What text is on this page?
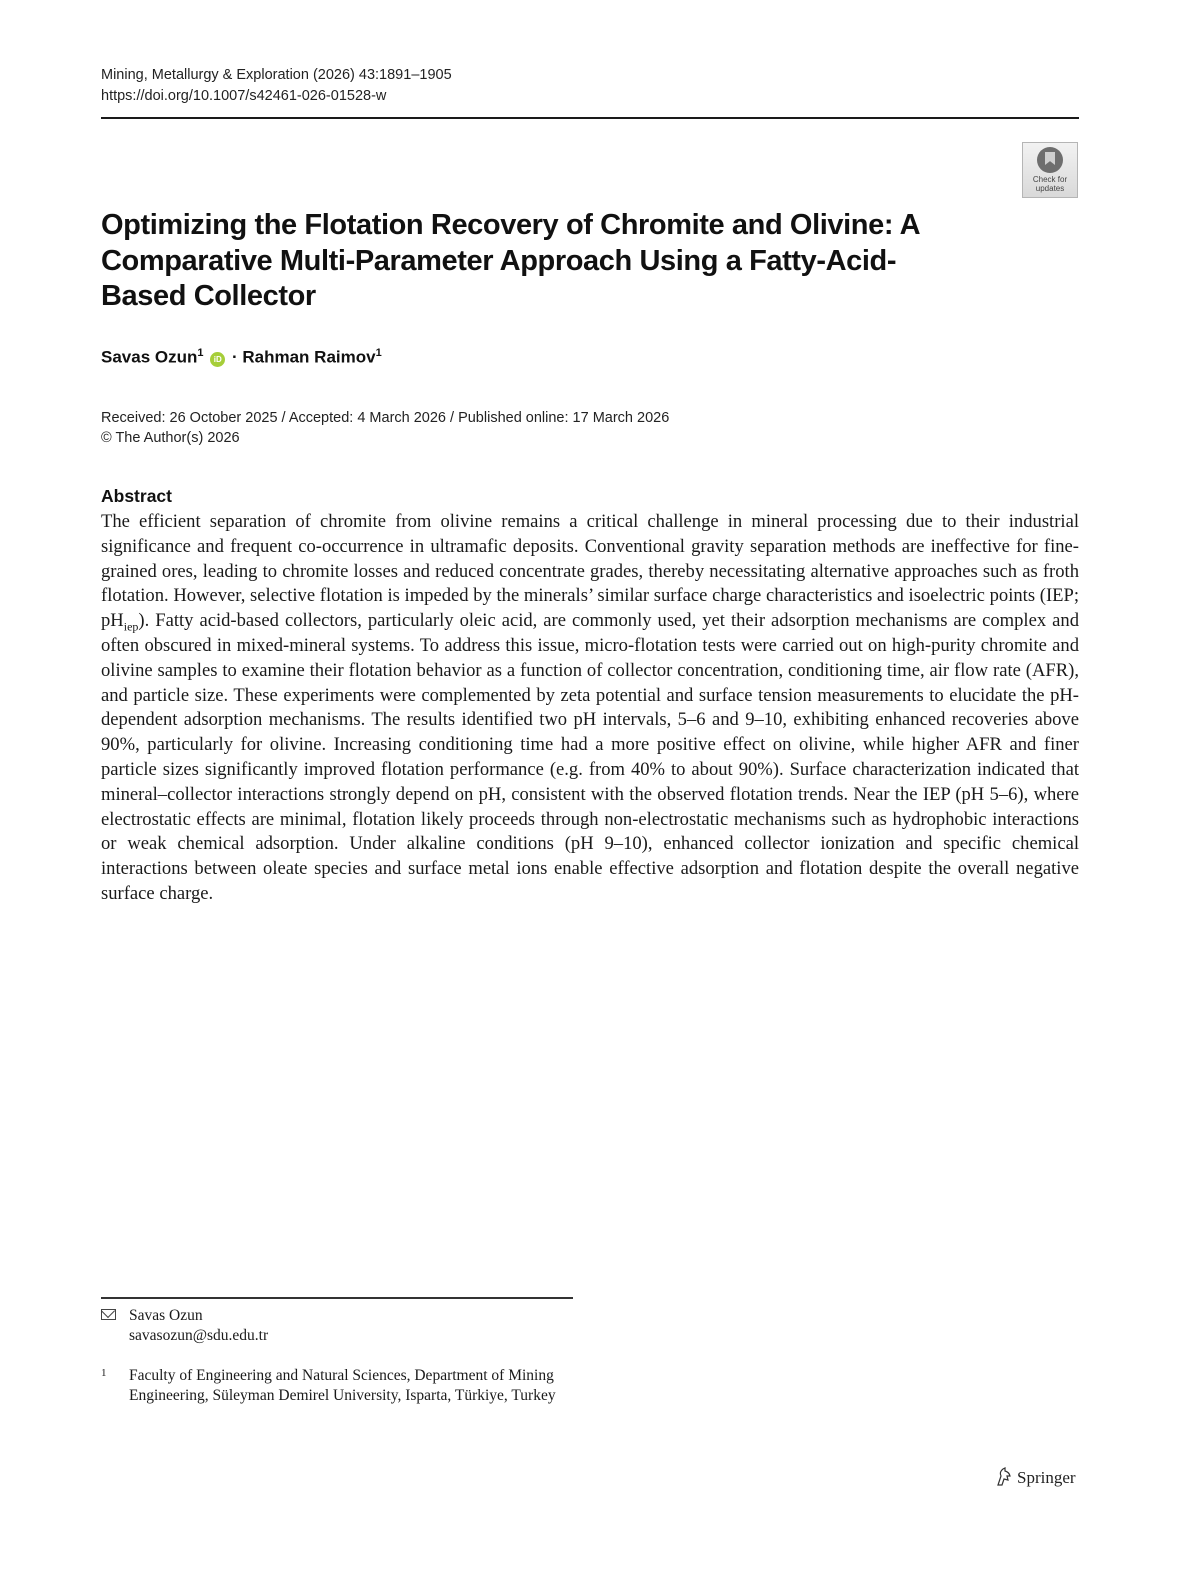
Mining, Metallurgy & Exploration (2026) 43:1891–1905
https://doi.org/10.1007/s42461-026-01528-w
Check for
updates
Optimizing the Flotation Recovery of Chromite and Olivine: A Comparative Multi-Parameter Approach Using a Fatty-Acid-Based Collector
Savas Ozun$^1$ iD · Rahman Raimov$^1$
Received: 26 October 2025 / Accepted: 4 March 2026 / Published online: 17 March 2026
© The Author(s) 2026
Abstract

The efficient separation of chromite from olivine remains a critical challenge in mineral processing due to their industrial significance and frequent co-occurrence in ultramafic deposits. Conventional gravity separation methods are ineffective for fine-grained ores, leading to chromite losses and reduced concentrate grades, thereby necessitating alternative approaches such as froth flotation. However, selective flotation is impeded by the minerals’ similar surface charge characteristics and isoelectric points (IEP; $pH_{iep}$). Fatty acid-based collectors, particularly oleic acid, are commonly used, yet their adsorption mechanisms are complex and often obscured in mixed-mineral systems. To address this issue, micro-flotation tests were carried out on high-purity chromite and olivine samples to examine their flotation behavior as a function of collector concentration, conditioning time, air flow rate (AFR), and particle size. These experiments were complemented by zeta potential and surface tension measurements to elucidate the pH-dependent adsorption mechanisms. The results identified two pH intervals, 5–6 and 9–10, exhibiting enhanced recoveries above 90%, particularly for olivine. Increasing conditioning time had a more positive effect on olivine, while higher AFR and finer particle sizes significantly improved flotation performance (e.g. from 40% to about 90%). Surface characterization indicated that mineral–collector interactions strongly depend on pH, consistent with the observed flotation trends. Near the IEP (pH 5–6), where electrostatic effects are minimal, flotation likely proceeds through non-electrostatic mechanisms such as hydrophobic interactions or weak chemical adsorption. Under alkaline conditions (pH 9–10), enhanced collector ionization and specific chemical interactions between oleate species and surface metal ions enable effective adsorption and flotation despite the overall negative surface charge.

Savas Ozun
savasozun@sdu.edu.tr
1 Faculty of Engineering and Natural Sciences, Department of Mining Engineering, Süleyman Demirel University, Isparta, Türkiye, Turkey
Springer
